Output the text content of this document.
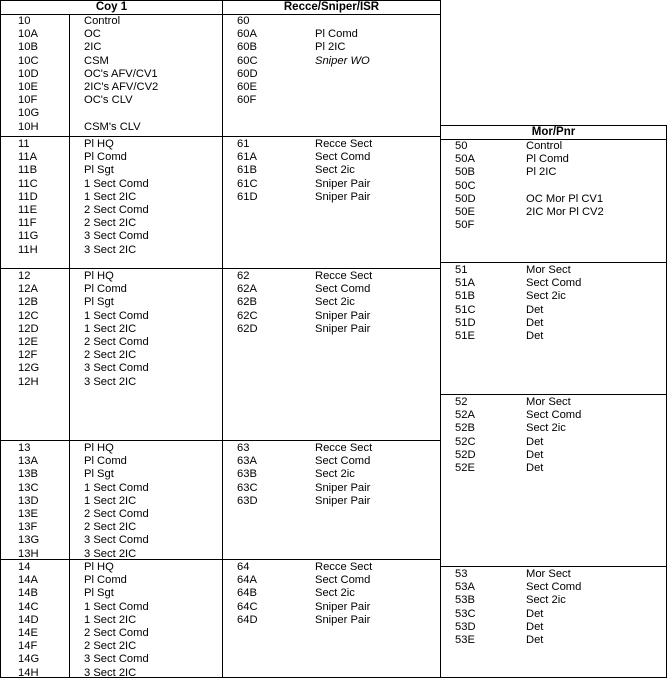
Coy 1
10	Control
10A	OC
10B	2IC
10C	CSM
10D	OC's AFV/CV1
10E	2IC's AFV/CV2
10F	OC's CLV
10G
10H	CSM's CLV
11	Pl HQ
11A	Pl Comd
11B	Pl Sgt
11C	1 Sect Comd
11D	1 Sect 2IC
11E	2 Sect Comd
11F	2 Sect 2IC
11G	3 Sect Comd
11H	3 Sect 2IC
12	Pl HQ
12A	Pl Comd
12B	Pl Sgt
12C	1 Sect Comd
12D	1 Sect 2IC
12E	2 Sect Comd
12F	2 Sect 2IC
12G	3 Sect Comd
12H	3 Sect 2IC
13	Pl HQ
13A	Pl Comd
13B	Pl Sgt
13C	1 Sect Comd
13D	1 Sect 2IC
13E	2 Sect Comd
13F	2 Sect 2IC
13G	3 Sect Comd
13H	3 Sect 2IC
14	Pl HQ
14A	Pl Comd
14B	Pl Sgt
14C	1 Sect Comd
14D	1 Sect 2IC
14E	2 Sect Comd
14F	2 Sect 2IC
14G	3 Sect Comd
14H	3 Sect 2IC
Recce/Sniper/ISR
60
60A	Pl Comd
60B	Pl 2IC
60C	Sniper WO
60D
60E
60F
61	Recce Sect
61A	Sect Comd
61B	Sect 2ic
61C	Sniper Pair
61D	Sniper Pair
62	Recce Sect
62A	Sect Comd
62B	Sect 2ic
62C	Sniper Pair
62D	Sniper Pair
63	Recce Sect
63A	Sect Comd
63B	Sect 2ic
63C	Sniper Pair
63D	Sniper Pair
64	Recce Sect
64A	Sect Comd
64B	Sect 2ic
64C	Sniper Pair
64D	Sniper Pair
Mor/Pnr
50	Control
50A	Pl Comd
50B	Pl 2IC
50C
50D	OC Mor Pl CV1
50E	2IC Mor Pl CV2
50F
51	Mor Sect
51A	Sect Comd
51B	Sect 2ic
51C	Det
51D	Det
51E	Det
52	Mor Sect
52A	Sect Comd
52B	Sect 2ic
52C	Det
52D	Det
52E	Det
53	Mor Sect
53A	Sect Comd
53B	Sect 2ic
53C	Det
53D	Det
53E	Det
